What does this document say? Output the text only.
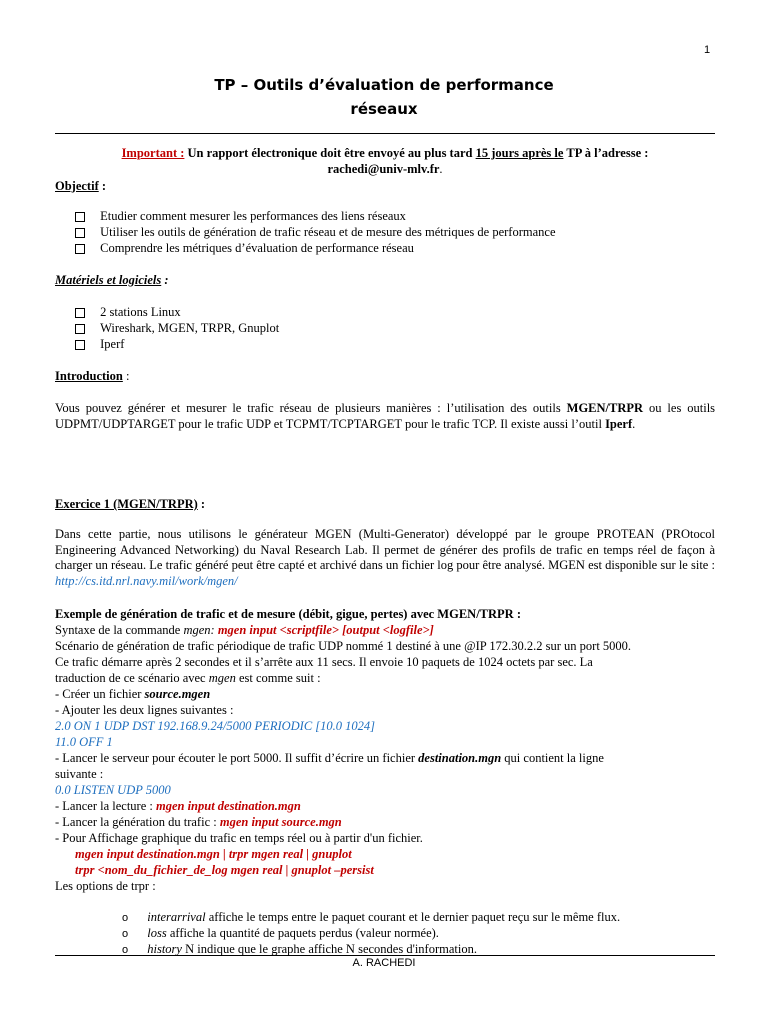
1
TP – Outils d’évaluation de performance
réseaux
Important : Un rapport électronique doit être envoyé au plus tard 15 jours après le TP à l’adresse :
rachedi@univ-mlv.fr.
Objectif :
Etudier comment mesurer les performances des liens réseaux
Utiliser les outils de génération de trafic réseau et de mesure des métriques de performance
Comprendre les métriques d’évaluation de performance réseau
Matériels et logiciels :
2 stations Linux
Wireshark, MGEN, TRPR, Gnuplot
Iperf
Introduction :
Vous pouvez générer et mesurer le trafic réseau de plusieurs manières : l’utilisation des outils MGEN/TRPR ou les outils UDPMT/UDPTARGET pour le trafic UDP et TCPMT/TCPTARGET pour le trafic TCP. Il existe aussi l’outil Iperf.
Exercice 1 (MGEN/TRPR) :
Dans cette partie, nous utilisons le générateur MGEN (Multi-Generator) développé par le groupe PROTEAN (PROtocol Engineering Advanced Networking) du Naval Research Lab. Il permet de générer des profils de trafic en temps réel de façon à charger un réseau. Le trafic généré peut être capté et archivé dans un fichier log pour être analysé. MGEN est disponible sur le site : http://cs.itd.nrl.navy.mil/work/mgen/
Exemple de génération de trafic et de mesure (débit, gigue, pertes) avec MGEN/TRPR :
Syntaxe de la commande mgen: mgen input <scriptfile> [output <logfile>]
Scénario de génération de trafic périodique de trafic UDP nommé 1 destiné à une @IP 172.30.2.2 sur un port 5000.
Ce trafic démarre après 2 secondes et il s’arrête aux 11 secs. Il envoie 10 paquets de 1024 octets par sec. La
traduction de ce scénario avec mgen est comme suit :
- Créer un fichier source.mgen
- Ajouter les deux lignes suivantes :
2.0 ON 1 UDP DST 192.168.9.24/5000 PERIODIC [10.0 1024]
11.0 OFF 1
- Lancer le serveur pour écouter le port 5000. Il suffit d’écrire un fichier destination.mgn qui contient la ligne
suivante :
0.0 LISTEN UDP 5000
- Lancer la lecture : mgen input destination.mgn
- Lancer la génération du trafic : mgen input source.mgn
- Pour Affichage graphique du trafic en temps réel ou à partir d'un fichier.
mgen input destination.mgn | trpr mgen real | gnuplot
trpr <nom_du_fichier_de_log mgen real | gnuplot –persist
Les options de trpr :
o interarrival affiche le temps entre le paquet courant et le dernier paquet reçu sur le même flux.
o loss affiche la quantité de paquets perdus (valeur normée).
o history N indique que le graphe affiche N secondes d'information.
A. RACHEDI
